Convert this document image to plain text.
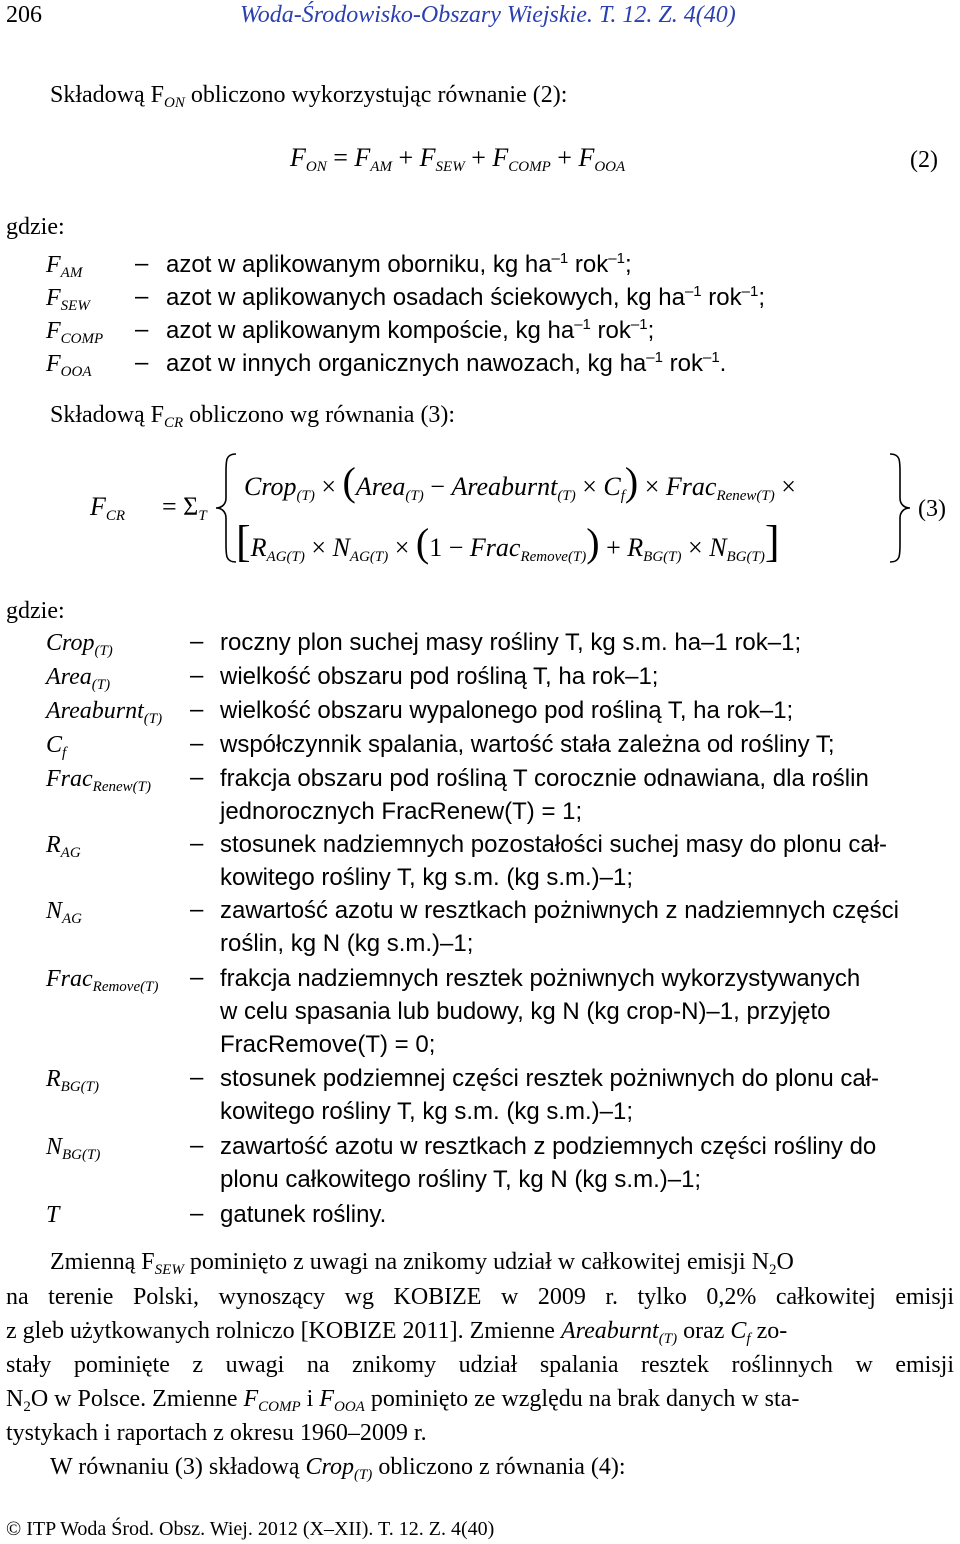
206	Woda-Środowisko-Obszary Wiejskie. T. 12. Z. 4(40)
Składową $F_{ON}$ obliczono wykorzystując równanie (2):
$F_{ON} = F_{AM} + F_{SEW} + F_{COMP} + F_{OOA}$	(2)
gdzie:
$F_{AM}$ – azot w aplikowanym oborniku, kg $ha^{-1}$ rok$^{-1}$;
$F_{SEW}$ – azot w aplikowanych osadach ściekowych, kg $ha^{-1}$ rok$^{-1}$;
$F_{COMP}$ – azot w aplikowanym kompoście, kg $ha^{-1}$ rok$^{-1}$;
$F_{OOA}$ – azot w innych organicznych nawozach, kg $ha^{-1}$ rok$^{-1}$.
Składową $F_{CR}$ obliczono wg równania (3):
$F_{CR} = \Sigma_T$
Crop$_{(T)}$ × (Area$_{(T)}$ − Areaburnt$_{(T)}$ × $C_f$) × Frac$_{Renew(T)}$ ×
[$R_{AG(T)} \times N_{AG(T)} \times (1$ − Frac$_{Remove(T)}$) + $R_{BG(T)} \times N_{BG(T)}$]
(3)
gdzie:
Crop$_{(T)}$	– roczny plon suchej masy rośliny T, kg s.m. ha–1 rok–1;
Area$_{(T)}$	– wielkość obszaru pod rośliną T, ha rok–1;
Areaburnt$_{(T)}$ – wielkość obszaru wypalonego pod rośliną T, ha rok–1;
$C_f$	– współczynnik spalania, wartość stała zależna od rośliny T;
Frac$_{Renew(T)}$ – frakcja obszaru pod rośliną T corocznie odnawiana, dla roślin
jednorocznych FracRenew(T) = 1;
$R_{AG}$	– stosunek nadziemnych pozostałości suchej masy do plonu cał-
kowitego rośliny T, kg s.m. (kg s.m.)–1;
$N_{AG}$	– zawartość azotu w resztkach pożniwnych z nadziemnych części
roślin, kg N (kg s.m.)–1;
Frac$_{Remove(T)}$ – frakcja nadziemnych resztek pożniwnych wykorzystywanych
w celu spasania lub budowy, kg N (kg crop-N)–1, przyjęto
FracRemove(T) = 0;
$R_{BG(T)}$	– stosunek podziemnej części resztek pożniwnych do plonu cał-
kowitego rośliny T, kg s.m. (kg s.m.)–1;
$N_{BG(T)}$	– zawartość azotu w resztkach z podziemnych części rośliny do
plonu całkowitego rośliny T, kg N (kg s.m.)–1;
T	– gatunek rośliny.
Zmienną $F_{SEW}$ pominięto z uwagi na znikomy udział w całkowitej emisji $N_2O$
na terenie Polski, wynoszący wg KOBIZE w 2009 r. tylko 0,2% całkowitej emisji
z gleb użytkowanych rolniczo [KOBIZE 2011]. Zmienne Areaburnt$_{(T)}$ oraz $C_f$ zo-
stały pominięte z uwagi na znikomy udział spalania resztek roślinnych w emisji
$N_2O$ w Polsce. Zmienne $F_{COMP}$ i $F_{OOA}$ pominięto ze względu na brak danych w sta-
tystykach i raportach z okresu 1960–2009 r.
W równaniu (3) składową Crop$_{(T)}$ obliczono z równania (4):
© ITP Woda Środ. Obsz. Wiej. 2012 (X–XII). T. 12. Z. 4(40)
